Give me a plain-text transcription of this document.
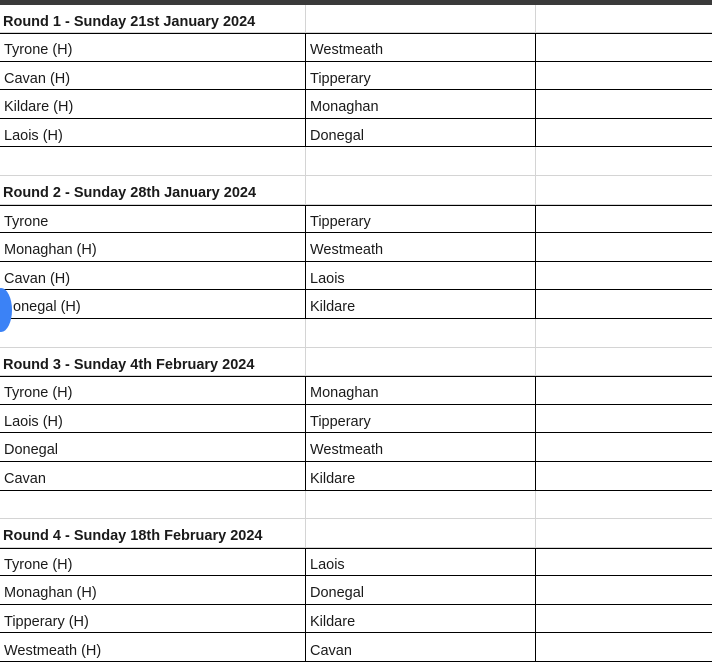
Round 1 - Sunday 21st January 2024
Tyrone (H)	Westmeath
Cavan (H)	Tipperary
Kildare (H)	Monaghan
Laois (H)	Donegal
Round 2 - Sunday 28th January 2024
Tyrone	Tipperary
Monaghan (H)	Westmeath
Cavan (H)	Laois
onegal (H)	Kildare
Round 3 - Sunday 4th February 2024
Tyrone (H)	Monaghan
Laois (H)	Tipperary
Donegal	Westmeath
Cavan	Kildare
Round 4 - Sunday 18th February 2024
Tyrone (H)	Laois
Monaghan (H)	Donegal
Tipperary (H)	Kildare
Westmeath (H)	Cavan
